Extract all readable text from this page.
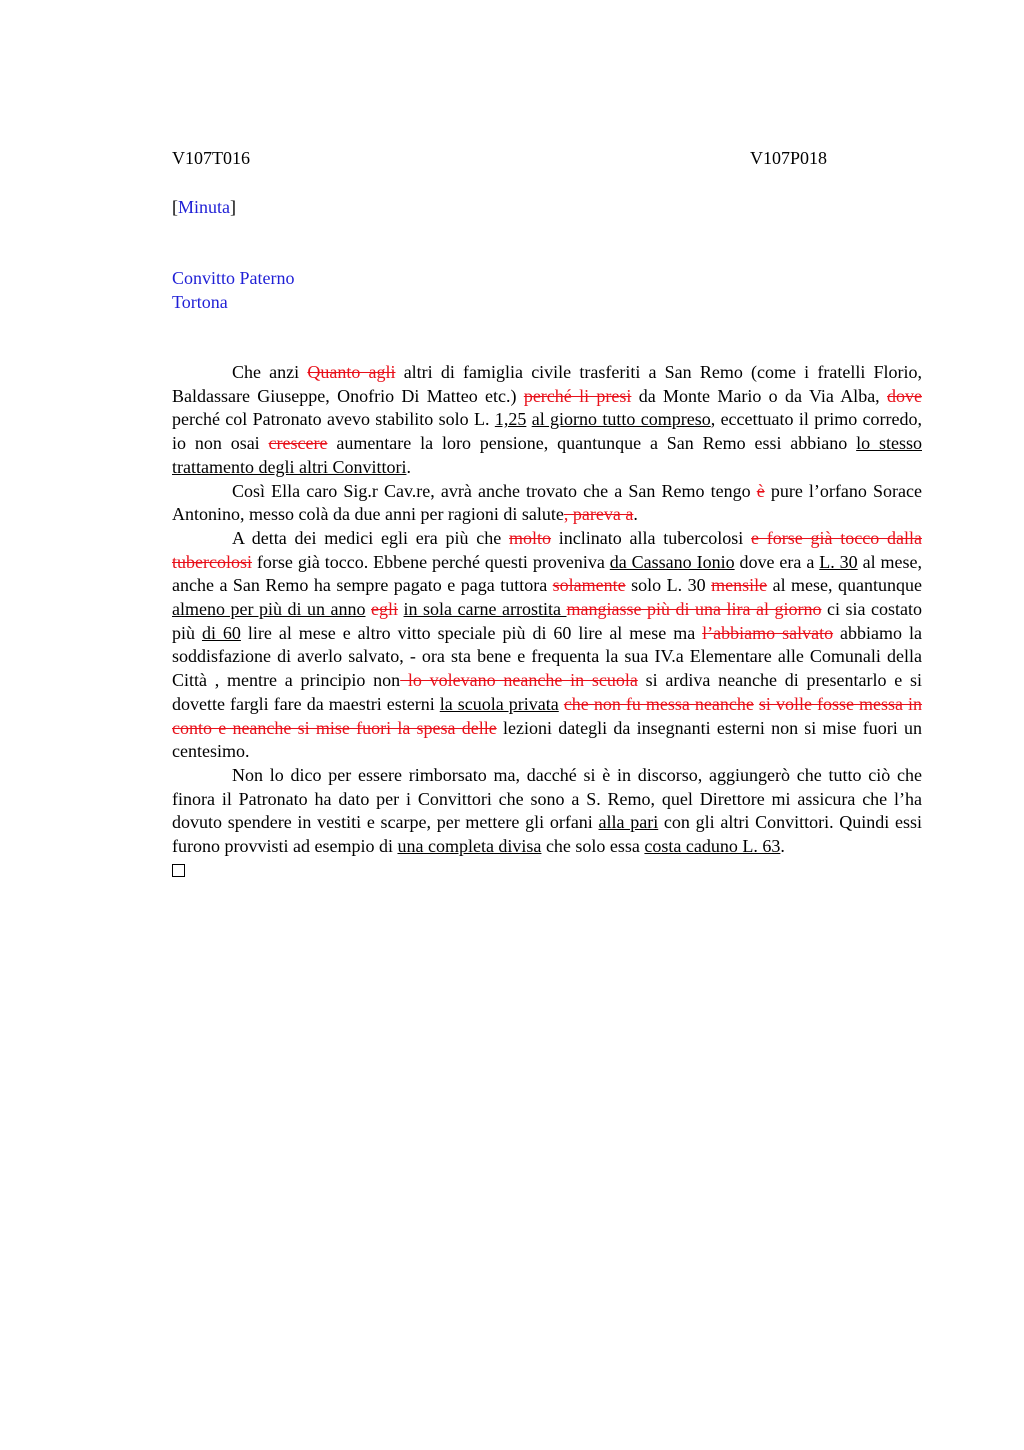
V107T016	V107P018
[Minuta]
Convitto Paterno
Tortona

Che anzi Quanto agli altri di famiglia civile trasferiti a San Remo (come i fratelli Florio, Baldassare Giuseppe, Onofrio Di Matteo etc.) perché li presi da Monte Mario o da Via Alba, dove perché col Patronato avevo stabilito solo L. 1,25 al giorno tutto compreso, eccettuato il primo corredo, io non osai crescere aumentare la loro pensione, quantunque a San Remo essi abbiano lo stesso trattamento degli altri Convittori.

Così Ella caro Sig.r Cav.re, avrà anche trovato che a San Remo tengo è pure l’orfano Sorace Antonino, messo colà da due anni per ragioni di salute, pareva a.

A detta dei medici egli era più che molto inclinato alla tubercolosi e forse già tocco dalla tubercolosi forse già tocco. Ebbene perché questi proveniva da Cassano Ionio dove era a L. 30 al mese, anche a San Remo ha sempre pagato e paga tuttora solamente solo L. 30 mensile al mese, quantunque almeno per più di un anno egli in sola carne arrostita mangiasse più di una lira al giorno ci sia costato più di 60 lire al mese e altro vitto speciale più di 60 lire al mese ma l’abbiamo salvato abbiamo la soddisfazione di averlo salvato, - ora sta bene e frequenta la sua IV.a Elementare alle Comunali della Città , mentre a principio non lo volevano neanche in scuola si ardiva neanche di presentarlo e si dovette fargli fare da maestri esterni la scuola privata che non fu messa neanche si volle fosse messa in conto e neanche si mise fuori la spesa delle lezioni dategli da insegnanti esterni non si mise fuori un centesimo.

Non lo dico per essere rimborsato ma, dacché si è in discorso, aggiungerò che tutto ciò che finora il Patronato ha dato per i Convittori che sono a S. Remo, quel Direttore mi assicura che l’ha dovuto spendere in vestiti e scarpe, per mettere gli orfani alla pari con gli altri Convittori. Quindi essi furono provvisti ad esempio di una completa divisa che solo essa costa caduno L. 63.
